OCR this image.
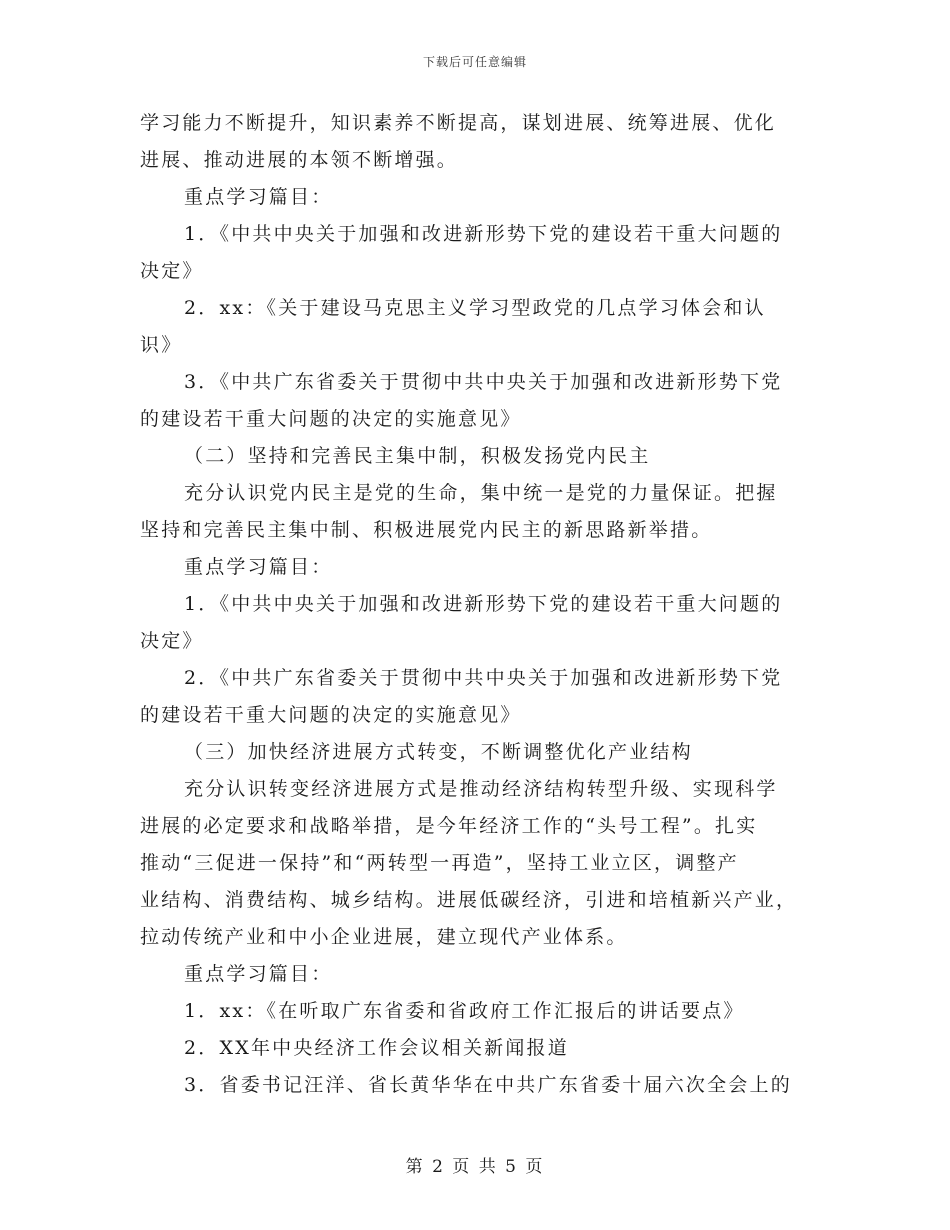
下载后可任意编辑
学习能力不断提升，知识素养不断提高，谋划进展、统筹进展、优化
进展、推动进展的本领不断增强。
重点学习篇目：
1．《中共中央关于加强和改进新形势下党的建设若干重大问题的
决定》
2．xx：《关于建设马克思主义学习型政党的几点学习体会和认
识》
3．《中共广东省委关于贯彻中共中央关于加强和改进新形势下党
的建设若干重大问题的决定的实施意见》
（二）坚持和完善民主集中制，积极发扬党内民主
充分认识党内民主是党的生命，集中统一是党的力量保证。把握
坚持和完善民主集中制、积极进展党内民主的新思路新举措。
重点学习篇目：
1．《中共中央关于加强和改进新形势下党的建设若干重大问题的
决定》
2．《中共广东省委关于贯彻中共中央关于加强和改进新形势下党
的建设若干重大问题的决定的实施意见》
（三）加快经济进展方式转变，不断调整优化产业结构
充分认识转变经济进展方式是推动经济结构转型升级、实现科学
进展的必定要求和战略举措，是今年经济工作的“头号工程”。扎实
推动“三促进一保持”和“两转型一再造”，坚持工业立区，调整产
业结构、消费结构、城乡结构。进展低碳经济，引进和培植新兴产业，
拉动传统产业和中小企业进展，建立现代产业体系。
重点学习篇目：
1．xx：《在听取广东省委和省政府工作汇报后的讲话要点》
2．XX年中央经济工作会议相关新闻报道
3．省委书记汪洋、省长黄华华在中共广东省委十届六次全会上的
第 2 页 共 5 页
